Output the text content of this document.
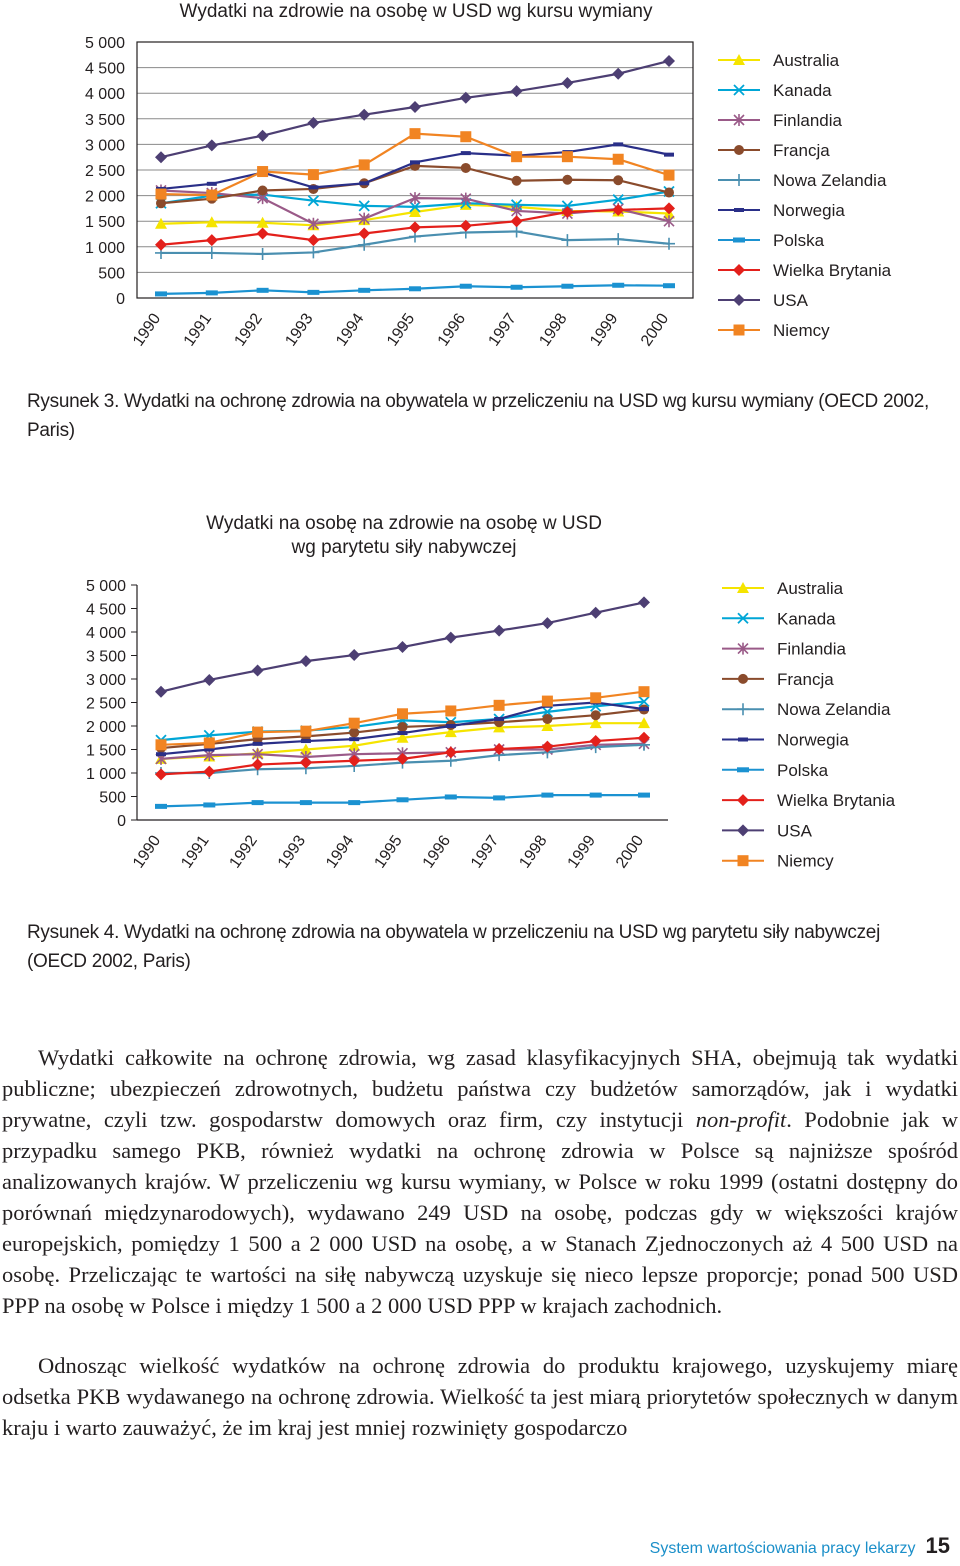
Wydatki na zdrowie na osobę w USD wg kursu wymiany
5 000
4 500
4 000
3 500
3 000
2 500
2 000
1 500
1 000
500
0
1990 1991 1992 1993 1994 1995 1996 1997 1998 1999 2000
Australia
Kanada
Finlandia
Francja
Nowa Zelandia
Norwegia
Polska
Wielka Brytania
USA
Niemcy
Rysunek 3. Wydatki na ochronę zdrowia na obywatela w przeliczeniu na USD wg kursu wymiany (OECD 2002, Paris)
Wydatki na osobę na zdrowie na osobę w USD
wg parytetu siły nabywczej
5 000
4 500
4 000
3 500
3 000
2 500
2 000
1 500
1 000
500
0
1990 1991 1992 1993 1994 1995 1996 1997 1998 1999 2000
Australia
Kanada
Finlandia
Francja
Nowa Zelandia
Norwegia
Polska
Wielka Brytania
USA
Niemcy
Rysunek 4. Wydatki na ochronę zdrowia na obywatela w przeliczeniu na USD wg parytetu siły nabywczej (OECD 2002, Paris)

Wydatki całkowite na ochronę zdrowia, wg zasad klasyfikacyjnych SHA, obejmują tak wydatki publiczne; ubezpieczeń zdrowotnych, budżetu państwa czy budżetów samorządów, jak i wydatki prywatne, czyli tzw. gospodarstw domowych oraz firm, czy instytucji non-profit. Podobnie jak w przypadku samego PKB, również wydatki na ochronę zdrowia w Polsce są najniższe spośród analizowanych krajów. W przeliczeniu wg kursu wymiany, w Polsce w roku 1999 (ostatni dostępny do porównań międzynarodowych), wydawano 249 USD na osobę, podczas gdy w większości krajów europejskich, pomiędzy 1 500 a 2 000 USD na osobę, a w Stanach Zjednoczonych aż 4 500 USD na osobę. Przeliczając te wartości na siłę nabywczą uzyskuje się nieco lepsze proporcje; ponad 500 USD PPP na osobę w Polsce i między 1 500 a 2 000 USD PPP w krajach zachodnich.

Odnosząc wielkość wydatków na ochronę zdrowia do produktu krajowego, uzyskujemy miarę odsetka PKB wydawanego na ochronę zdrowia. Wielkość ta jest miarą priorytetów społecznych w danym kraju i warto zauważyć, że im kraj jest mniej rozwinięty gospodarczo

System wartościowania pracy lekarzy 15
